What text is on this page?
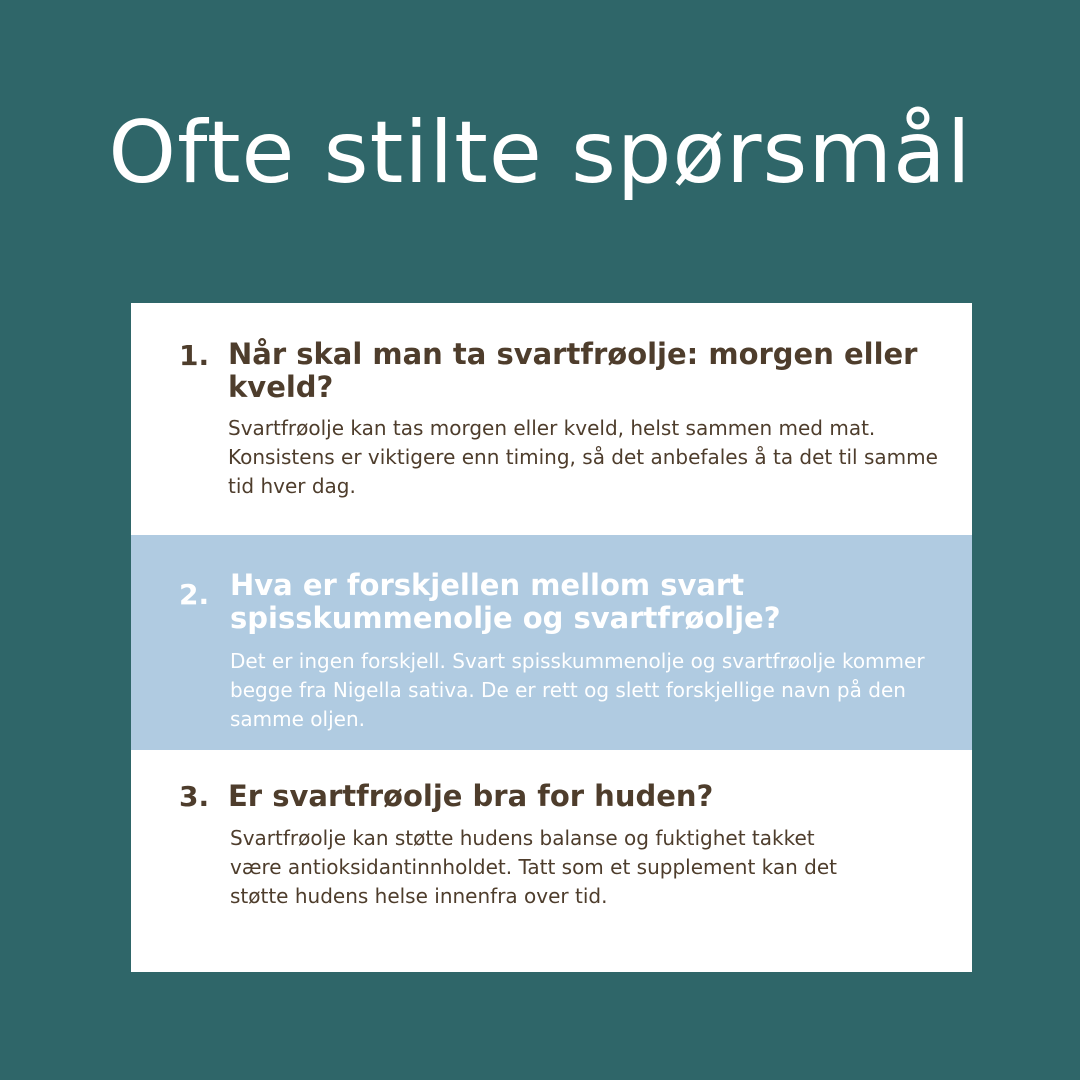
Ofte stilte spørsmål
1. Når skal man ta svartfrøolje: morgen eller kveld?
Svartfrøolje kan tas morgen eller kveld, helst sammen med mat. Konsistens er viktigere enn timing, så det anbefales å ta det til samme tid hver dag.
2. Hva er forskjellen mellom svart spisskummenolje og svartfrøolje?
Det er ingen forskjell. Svart spisskummenolje og svartfrøolje kommer begge fra Nigella sativa. De er rett og slett forskjellige navn på den samme oljen.
3. Er svartfrøolje bra for huden?
Svartfrøolje kan støtte hudens balanse og fuktighet takket være antioksidantinnholdet. Tatt som et supplement kan det støtte hudens helse innenfra over tid.
